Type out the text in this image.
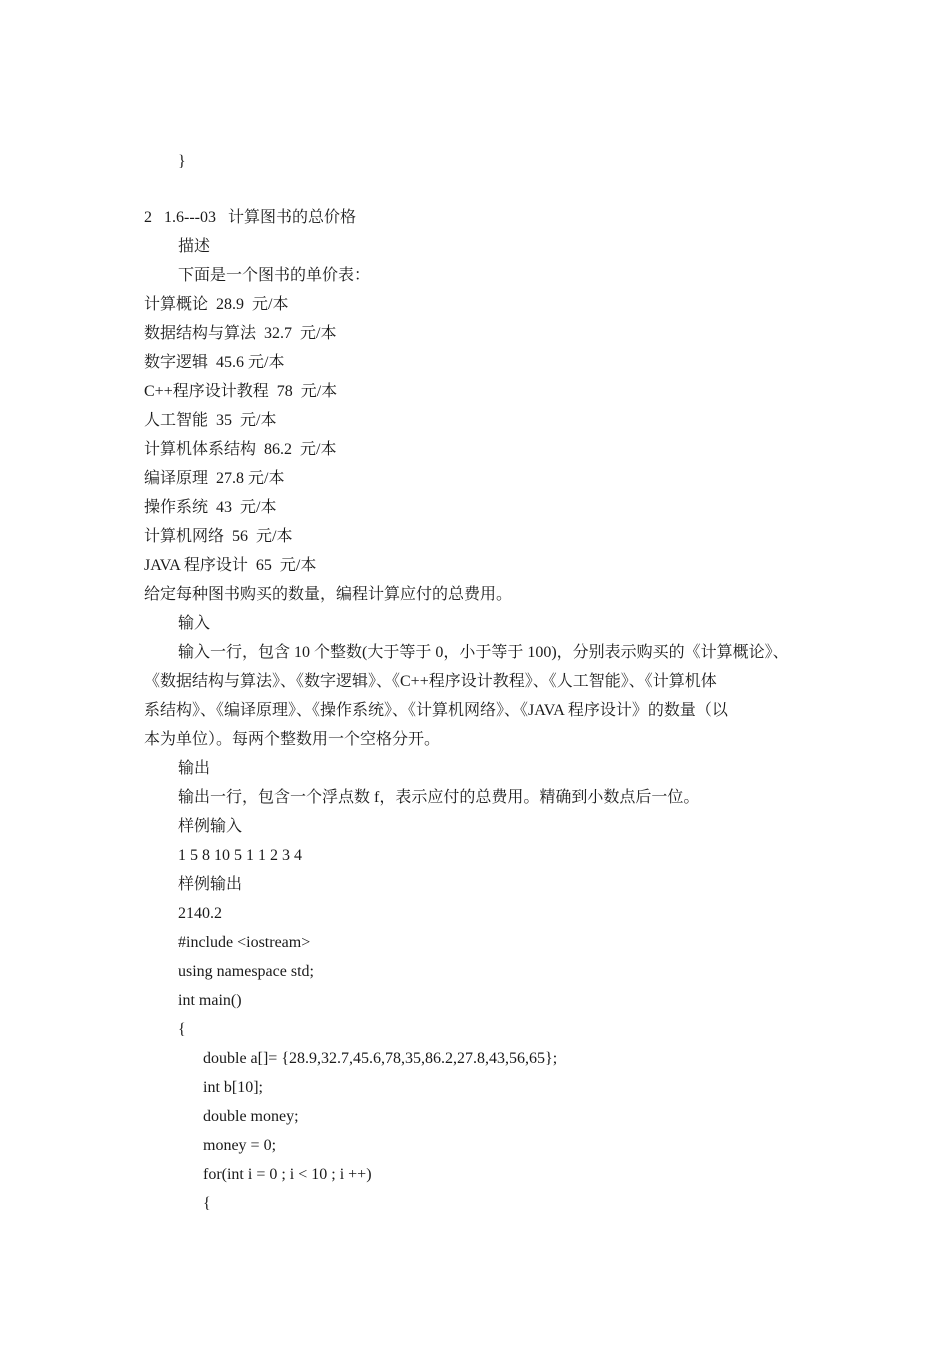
}
2   1.6---03   计算图书的总价格
描述
下面是一个图书的单价表：
计算概论  28.9  元/本
数据结构与算法  32.7  元/本
数字逻辑  45.6 元/本
C++程序设计教程  78  元/本
人工智能  35  元/本
计算机体系结构  86.2  元/本
编译原理  27.8 元/本
操作系统  43  元/本
计算机网络  56  元/本
JAVA 程序设计  65  元/本
给定每种图书购买的数量，编程计算应付的总费用。
输入
输入一行，包含 10 个整数(大于等于 0，小于等于 100)，分别表示购买的《计算概论》、
《数据结构与算法》、《数字逻辑》、《C++程序设计教程》、《人工智能》、《计算机体
系结构》、《编译原理》、《操作系统》、《计算机网络》、《JAVA 程序设计》的数量（以
本为单位）。每两个整数用一个空格分开。
输出
输出一行，包含一个浮点数 f，表示应付的总费用。精确到小数点后一位。
样例输入
1 5 8 10 5 1 1 2 3 4
样例输出
2140.2
#include <iostream>
using namespace std;
int main()
{
double a[]= {28.9,32.7,45.6,78,35,86.2,27.8,43,56,65};
int b[10];
double money;
money = 0;
for(int i = 0 ; i < 10 ; i ++)
{
